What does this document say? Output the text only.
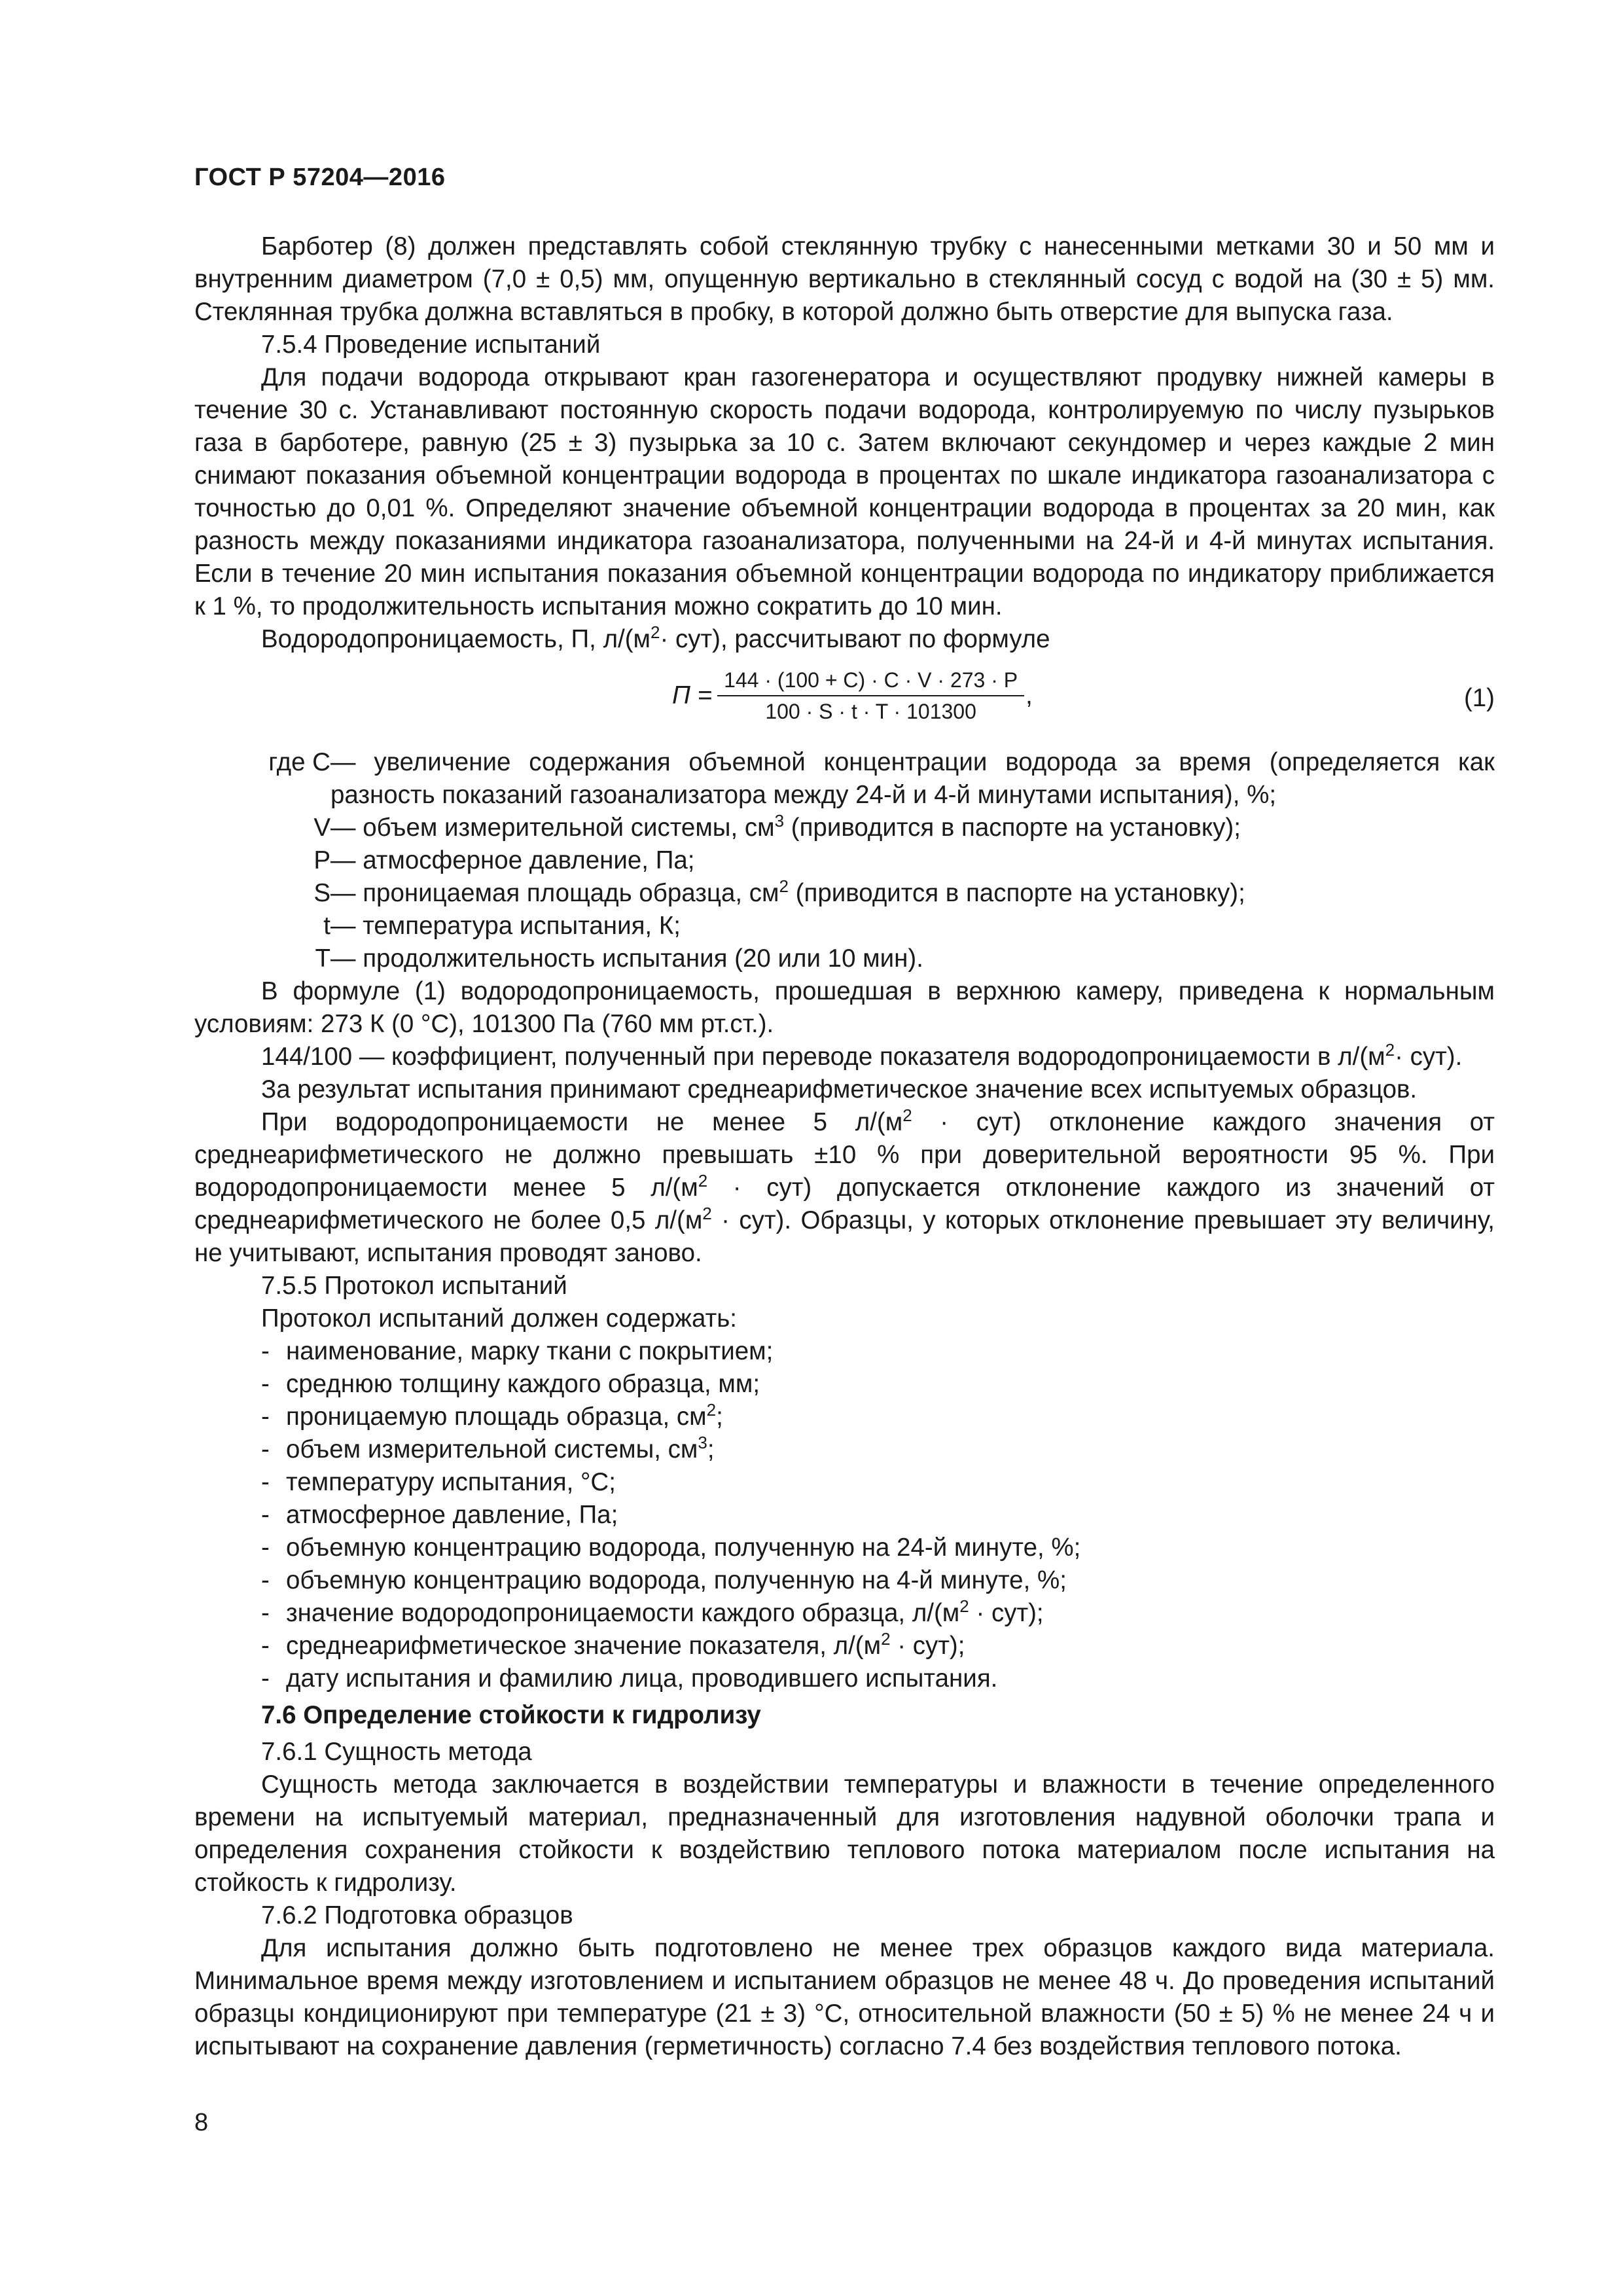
ГОСТ Р 57204—2016

Барботер (8) должен представлять собой стеклянную трубку с нанесенными метками 30 и 50 мм и внутренним диаметром (7,0 ± 0,5) мм, опущенную вертикально в стеклянный сосуд с водой на (30 ± 5) мм. Стеклянная трубка должна вставляться в пробку, в которой должно быть отверстие для выпуска газа.

7.5.4 Проведение испытаний

Для подачи водорода открывают кран газогенератора и осуществляют продувку нижней камеры в течение 30 с. Устанавливают постоянную скорость подачи водорода, контролируемую по числу пузырьков газа в барботере, равную (25 ± 3) пузырька за 10 с. Затем включают секундомер и через каждые 2 мин снимают показания объемной концентрации водорода в процентах по шкале индикатора газоанализатора с точностью до 0,01 %. Определяют значение объемной концентрации водорода в процентах за 20 мин, как разность между показаниями индикатора газоанализатора, полученными на 24-й и 4-й минутах испытания. Если в течение 20 мин испытания показания объемной концентрации водорода по индикатору приближается к 1 %, то продолжительность испытания можно сократить до 10 мин.

Водородопроницаемость, П, $л/(м^2\cdot сут)$, рассчитывают по формуле

$П = \frac{144 \cdot (100 + C) \cdot C \cdot V \cdot 273 \cdot P}{100 \cdot S \cdot t \cdot T \cdot 101300}$ ,	(1)

где C — увеличение содержания объемной концентрации водорода за время (определяется как разность показаний газоанализатора между 24-й и 4-й минутами испытания), %;

V — объем измерительной системы, $см^3$ (приводится в паспорте на установку);

P — атмосферное давление, Па;

S — проницаемая площадь образца, $см^2$ (приводится в паспорте на установку);

t — температура испытания, К;

T — продолжительность испытания (20 или 10 мин).

В формуле (1) водородопроницаемость, прошедшая в верхнюю камеру, приведена к нормальным условиям: 273 К (0 °С), 101300 Па (760 мм рт.ст.).

144/100 — коэффициент, полученный при переводе показателя водородопроницаемости в $л/(м^2\cdot сут)$.

За результат испытания принимают среднеарифметическое значение всех испытуемых образцов.

При водородопроницаемости не менее 5 $л/(м^2 \cdot сут)$ отклонение каждого значения от среднеарифметического не должно превышать ±10 % при доверительной вероятности 95 %. При водородопроницаемости менее 5 $л/(м^2 \cdot сут)$ допускается отклонение каждого из значений от среднеарифметического не более 0,5 $л/(м^2 \cdot сут)$. Образцы, у которых отклонение превышает эту величину, не учитывают, испытания проводят заново.

7.5.5 Протокол испытаний

Протокол испытаний должен содержать:

- наименование, марку ткани с покрытием;

- среднюю толщину каждого образца, мм;

- проницаемую площадь образца, $см^2$;

- объем измерительной системы, $см^3$;

- температуру испытания, °С;

- атмосферное давление, Па;

- объемную концентрацию водорода, полученную на 24-й минуте, %;

- объемную концентрацию водорода, полученную на 4-й минуте, %;

- значение водородопроницаемости каждого образца, $л/(м^2 \cdot сут)$;

- среднеарифметическое значение показателя, $л/(м^2 \cdot сут)$;

- дату испытания и фамилию лица, проводившего испытания.

7.6 Определение стойкости к гидролизу

7.6.1 Сущность метода

Сущность метода заключается в воздействии температуры и влажности в течение определенного времени на испытуемый материал, предназначенный для изготовления надувной оболочки трапа и определения сохранения стойкости к воздействию теплового потока материалом после испытания на стойкость к гидролизу.

7.6.2 Подготовка образцов

Для испытания должно быть подготовлено не менее трех образцов каждого вида материала. Минимальное время между изготовлением и испытанием образцов не менее 48 ч. До проведения испытаний образцы кондиционируют при температуре (21 ± 3) °С, относительной влажности (50 ± 5) % не менее 24 ч и испытывают на сохранение давления (герметичность) согласно 7.4 без воздействия теплового потока.

8
